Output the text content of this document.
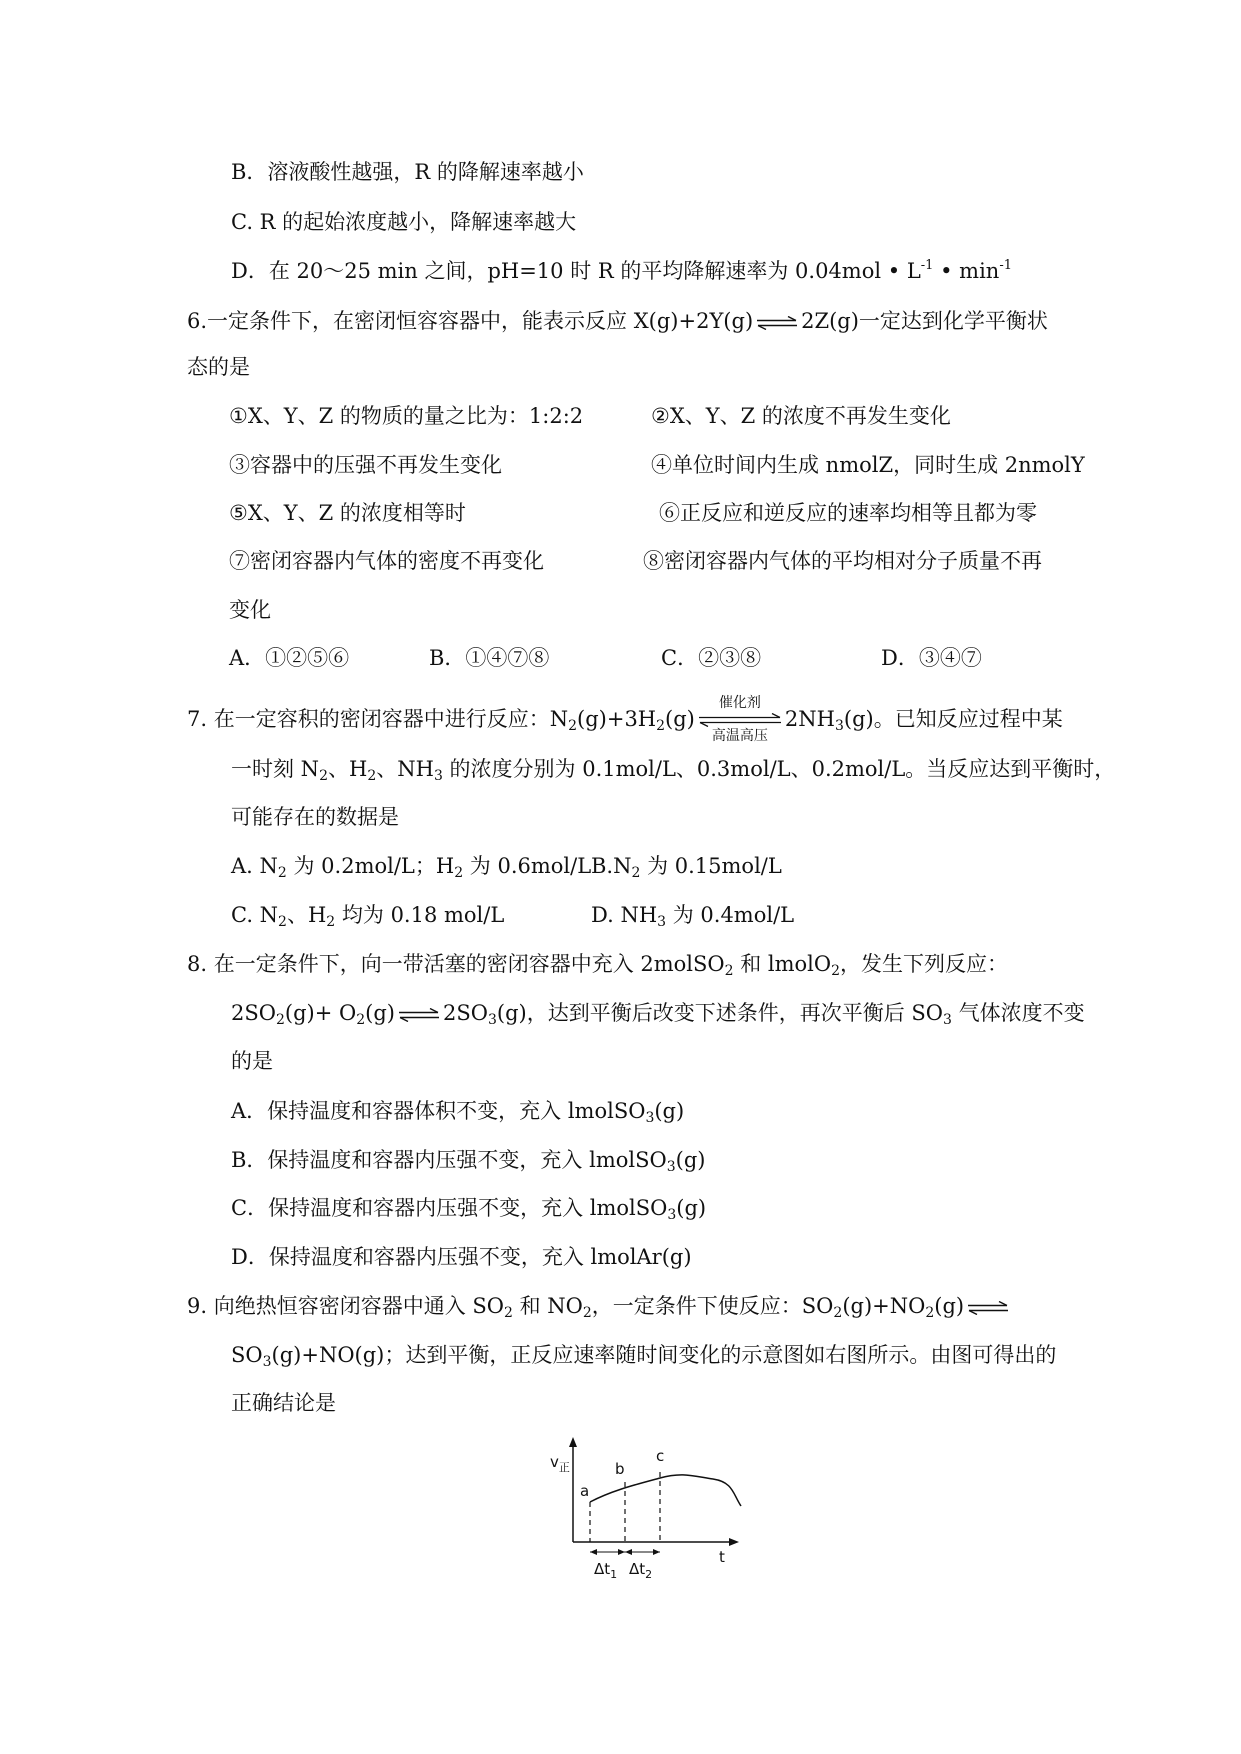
B．溶液酸性越强，R 的降解速率越小
C. R 的起始浓度越小，降解速率越大
D．在 20～25 min 之间，pH=10 时 R 的平均降解速率为 0.04mol • $L^{-1}$ • $\min^{-1}$
6.一定条件下，在密闭恒容容器中，能表示反应 X(g)+2Y(g) ⇌ 2Z(g)一定达到化学平衡状
态的是
①X、Y、Z 的物质的量之比为：1:2:2	②X、Y、Z 的浓度不再发生变化
③容器中的压强不再发生变化	④单位时间内生成 nmolZ，同时生成 2nmolY
⑤X、Y、Z 的浓度相等时	⑥正反应和逆反应的速率均相等且都为零
⑦密闭容器内气体的密度不再变化	⑧密闭容器内气体的平均相对分子质量不再
变化
A．①②⑤⑥	B．①④⑦⑧	C．②③⑧	D．③④⑦
7. 在一定容积的密闭容器中进行反应：$N_2(g)+3H_2(g)$
催化剂
高温高压
$2NH_3(g)$。已知反应过程中某
一时刻 $N_2$、$H_2$、$NH_3$ 的浓度分别为 0.1mol/L、0.3mol/L、0.2mol/L。当反应达到平衡时，
可能存在的数据是
A. $N_2$ 为 0.2mol/L；$H_2$ 为 0.6mol/L $B.N_2$ 为 0.15mol/L
C. $N_2$、$H_2$ 均为 0.18 mol/L	D. $NH_3$ 为 0.4mol/L
8. 在一定条件下，向一带活塞的密闭容器中充入 2molSO$_2$ 和 lmolO$_2$，发生下列反应：
$2SO_2(g)+ O_2(g)$ ⇌ $2SO_3(g)$，达到平衡后改变下述条件，再次平衡后 $SO_3$ 气体浓度不变
的是
A．保持温度和容器体积不变，充入 lmolSO$_3$(g)
B．保持温度和容器内压强不变，充入 lmolSO$_3$(g)
C．保持温度和容器内压强不变，充入 lmolSO$_3$(g)
D．保持温度和容器内压强不变，充入 lmolAr(g)
9. 向绝热恒容密闭容器中通入 $SO_2$ 和 $NO_2$，一定条件下使反应：$SO_2(g)+NO_2(g)$ ⇌
$SO_3(g)+NO(g)$；达到平衡，正反应速率随时间变化的示意图如右图所示。由图可得出的
正确结论是
$v_正$
t
a
b
c
$\Delta t_1$ $\Delta t_2$
